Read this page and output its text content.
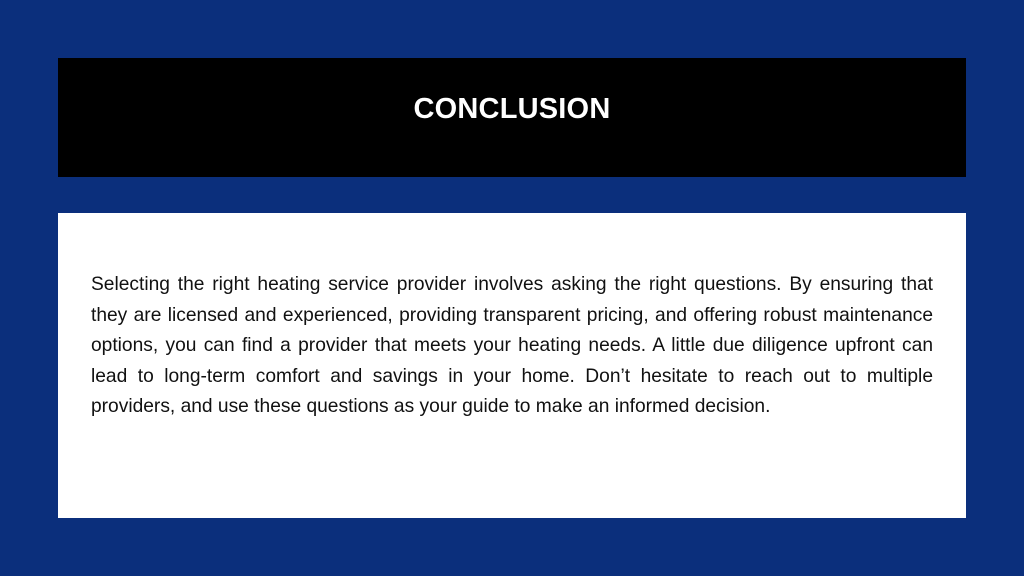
CONCLUSION

Selecting the right heating service provider involves asking the right questions. By ensuring that they are licensed and experienced, providing transparent pricing, and offering robust maintenance options, you can find a provider that meets your heating needs. A little due diligence upfront can lead to long-term comfort and savings in your home. Don’t hesitate to reach out to multiple providers, and use these questions as your guide to make an informed decision.
